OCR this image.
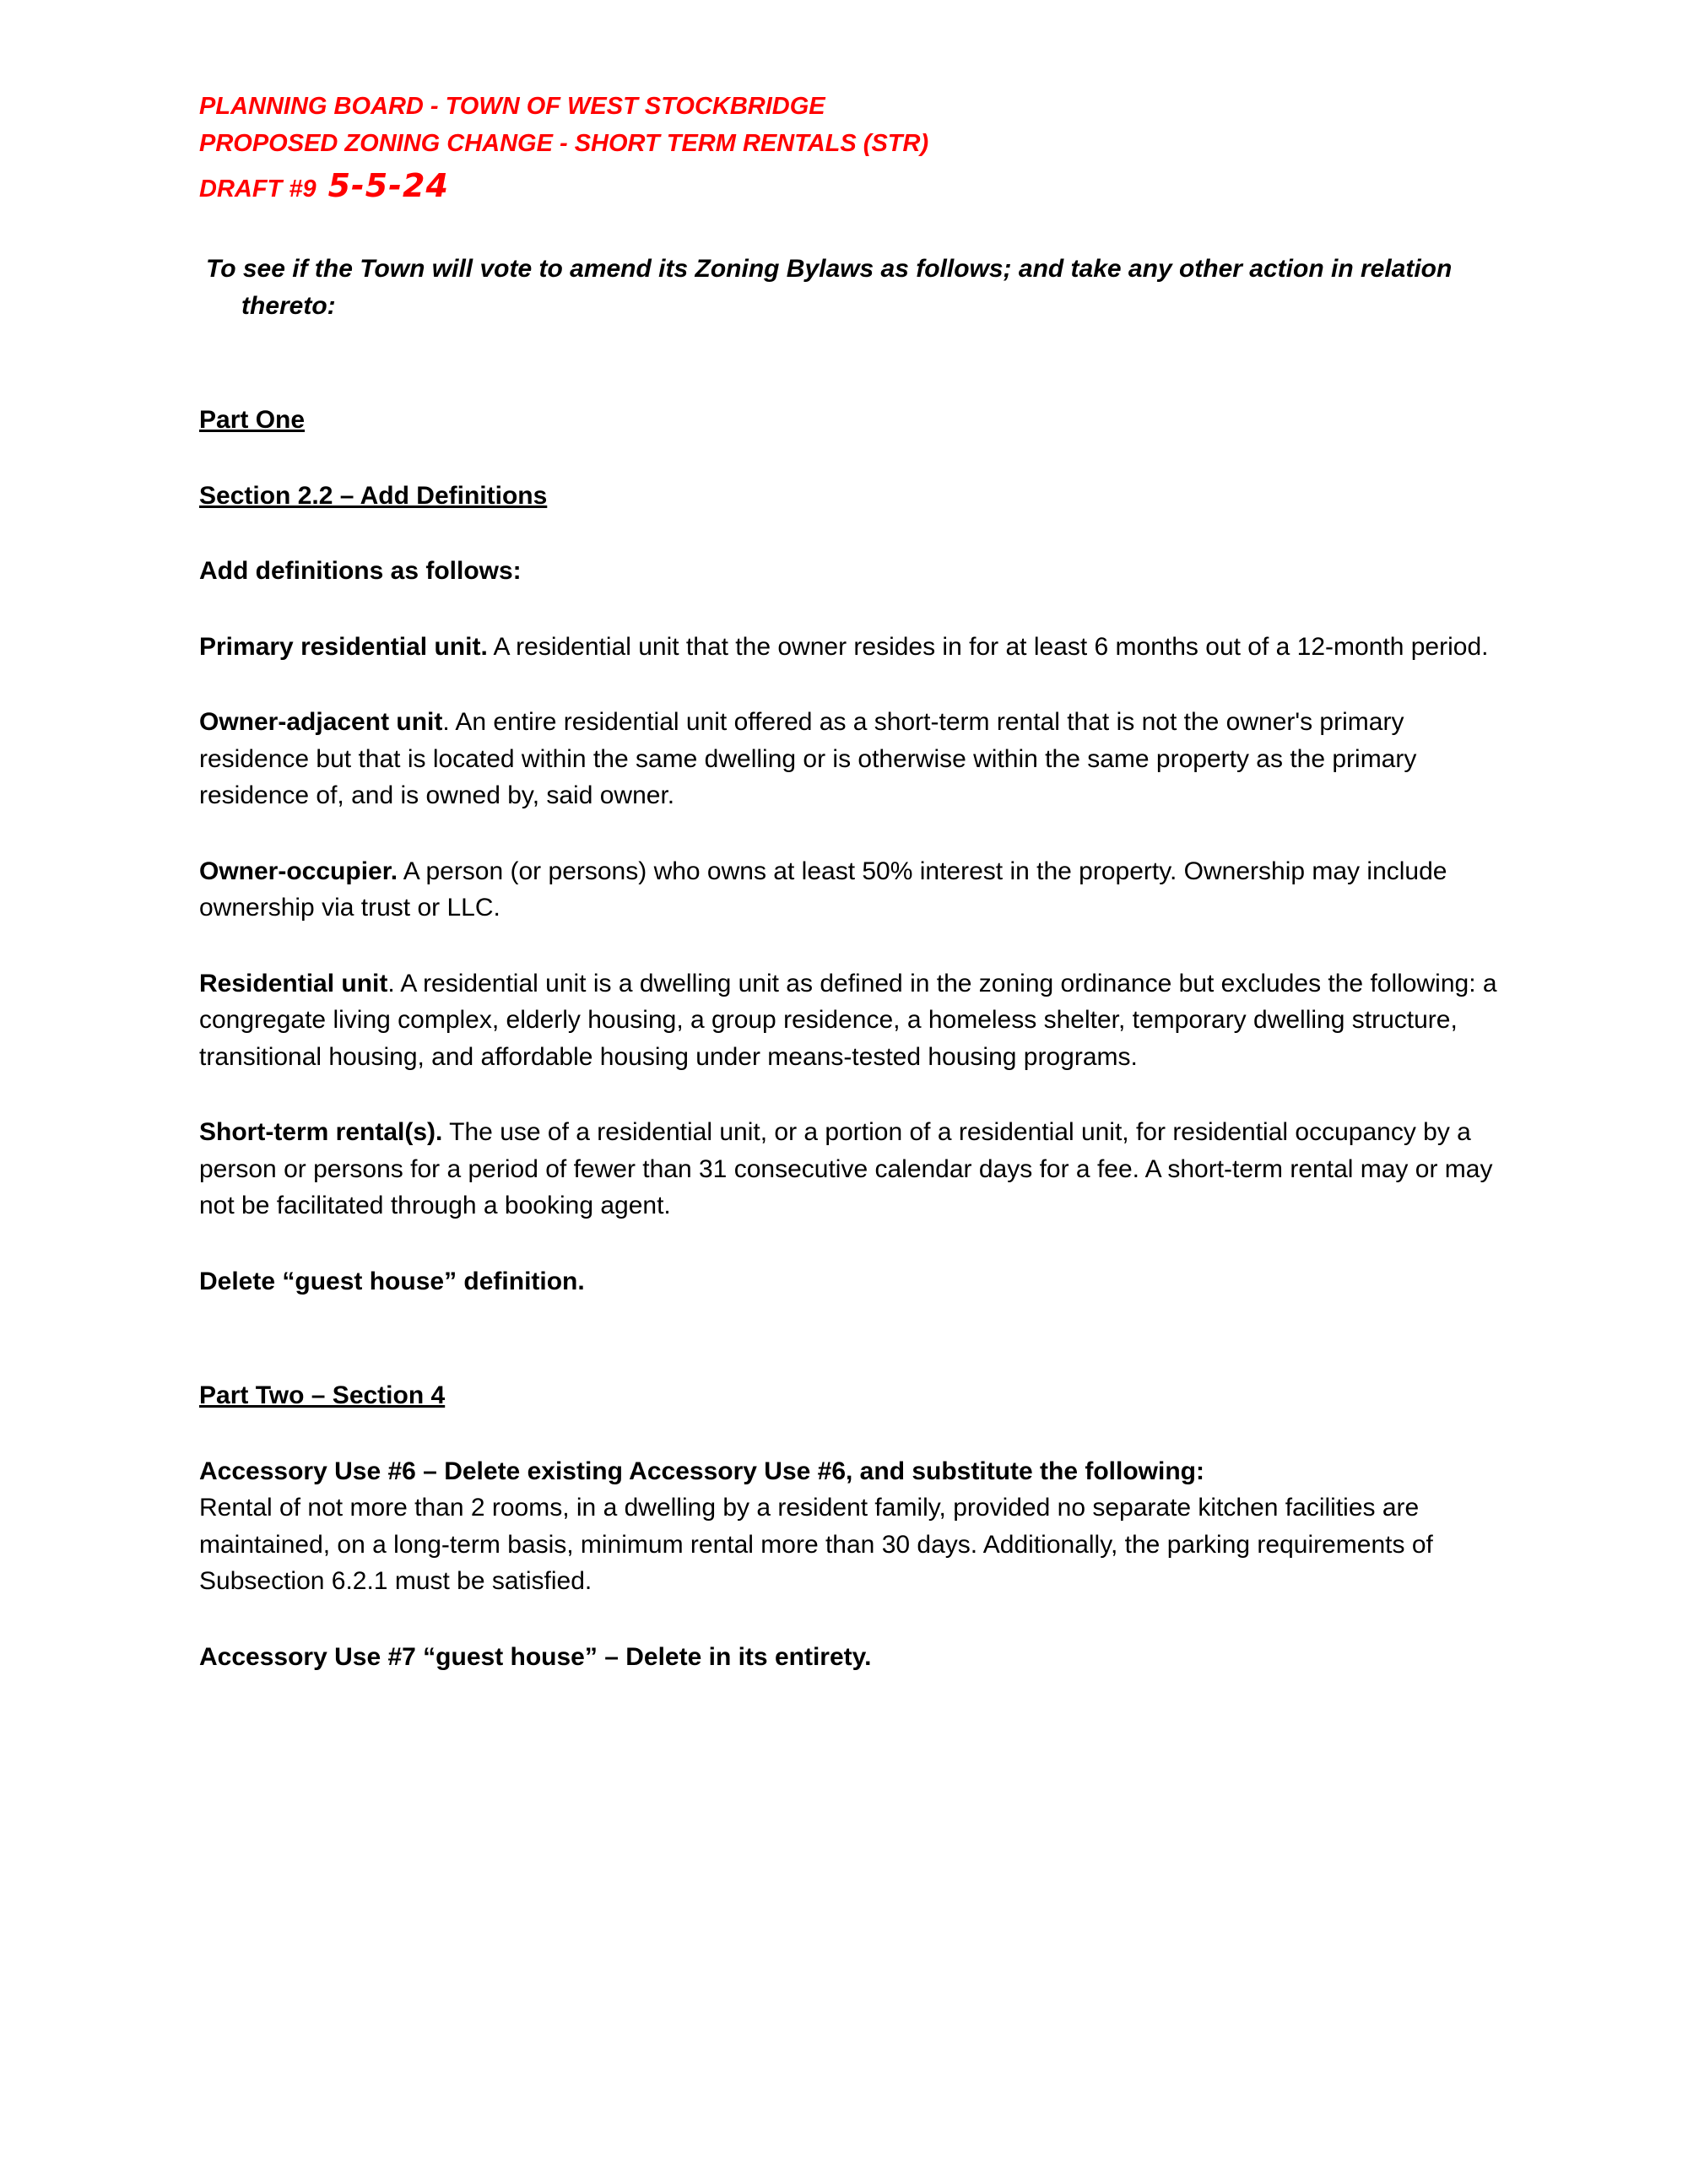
PLANNING BOARD - TOWN OF WEST STOCKBRIDGE

PROPOSED ZONING CHANGE - SHORT TERM RENTALS (STR)

DRAFT #9 5-5-24

To see if the Town will vote to amend its Zoning Bylaws as follows; and take any other action in relation thereto:

Part One
Section 2.2 – Add Definitions

Add definitions as follows:

Primary residential unit. A residential unit that the owner resides in for at least 6 months out of a 12-month period.

Owner-adjacent unit. An entire residential unit offered as a short-term rental that is not the owner's primary residence but that is located within the same dwelling or is otherwise within the same property as the primary residence of, and is owned by, said owner.

Owner-occupier. A person (or persons) who owns at least 50% interest in the property. Ownership may include ownership via trust or LLC.

Residential unit. A residential unit is a dwelling unit as defined in the zoning ordinance but excludes the following: a congregate living complex, elderly housing, a group residence, a homeless shelter, temporary dwelling structure, transitional housing, and affordable housing under means-tested housing programs.

Short-term rental(s). The use of a residential unit, or a portion of a residential unit, for residential occupancy by a person or persons for a period of fewer than 31 consecutive calendar days for a fee. A short-term rental may or may not be facilitated through a booking agent.

Delete “guest house” definition.

Part Two – Section 4

Accessory Use #6 – Delete existing Accessory Use #6, and substitute the following:

Rental of not more than 2 rooms, in a dwelling by a resident family, provided no separate kitchen facilities are maintained, on a long-term basis, minimum rental more than 30 days. Additionally, the parking requirements of Subsection 6.2.1 must be satisfied.

Accessory Use #7 “guest house” – Delete in its entirety.
